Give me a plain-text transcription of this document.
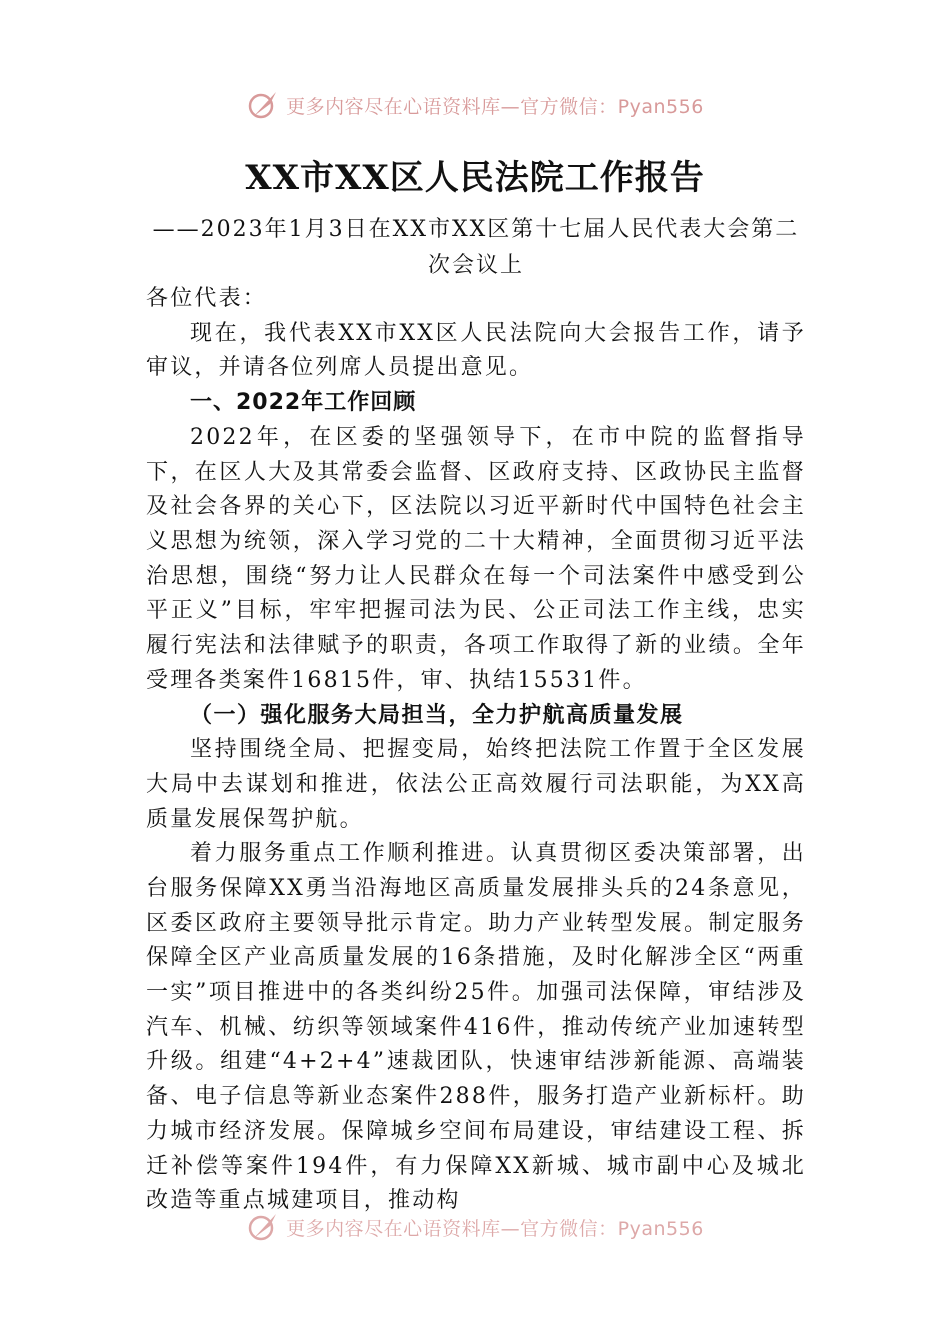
更多内容尽在心语资料库—官方微信：Pyan556
XX市XX区人民法院工作报告

——2023年1月3日在XX市XX区第十七届人民代表大会第二次会议上

各位代表：

现在，我代表XX市XX区人民法院向大会报告工作，请予审议，并请各位列席人员提出意见。

一、2022年工作回顾

2022年，在区委的坚强领导下，在市中院的监督指导下，在区人大及其常委会监督、区政府支持、区政协民主监督及社会各界的关心下，区法院以习近平新时代中国特色社会主义思想为统领，深入学习党的二十大精神，全面贯彻习近平法治思想，围绕“努力让人民群众在每一个司法案件中感受到公平正义”目标，牢牢把握司法为民、公正司法工作主线，忠实履行宪法和法律赋予的职责，各项工作取得了新的业绩。全年受理各类案件16815件，审、执结15531件。

（一）强化服务大局担当，全力护航高质量发展

坚持围绕全局、把握变局，始终把法院工作置于全区发展大局中去谋划和推进，依法公正高效履行司法职能，为XX高质量发展保驾护航。

着力服务重点工作顺利推进。认真贯彻区委决策部署，出台服务保障XX勇当沿海地区高质量发展排头兵的24条意见，区委区政府主要领导批示肯定。助力产业转型发展。制定服务保障全区产业高质量发展的16条措施，及时化解涉全区“两重一实”项目推进中的各类纠纷25件。加强司法保障，审结涉及汽车、机械、纺织等领域案件416件，推动传统产业加速转型升级。组建“4+2+4”速裁团队，快速审结涉新能源、高端装备、电子信息等新业态案件288件，服务打造产业新标杆。助力城市经济发展。保障城乡空间布局建设，审结建设工程、拆迁补偿等案件194件，有力保障XX新城、城市副中心及城北改造等重点城建项目，推动构

更多内容尽在心语资料库—官方微信：Pyan556
